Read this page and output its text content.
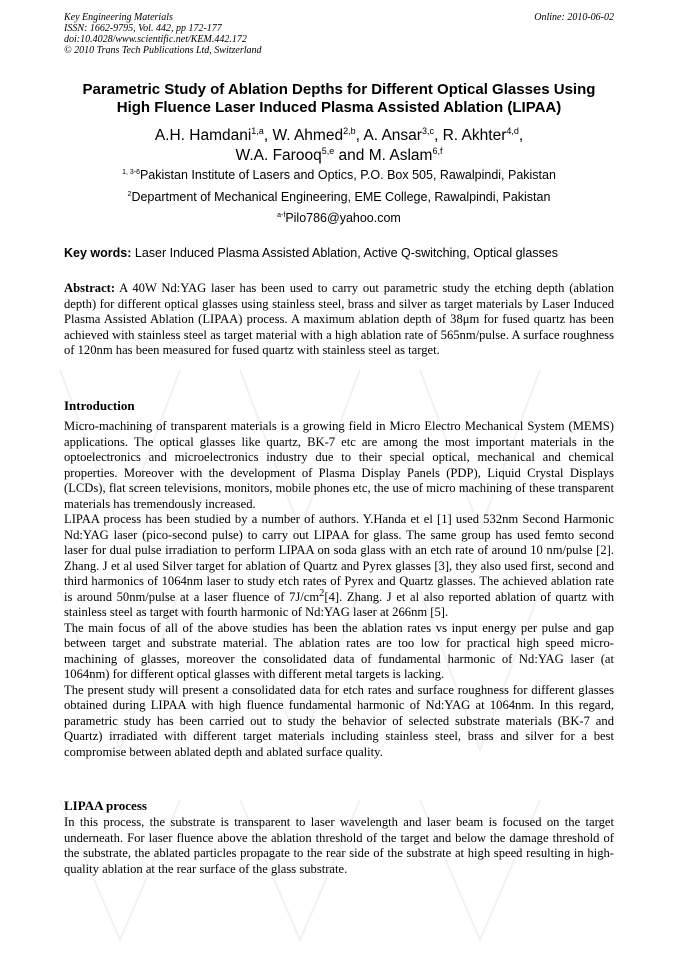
Key Engineering Materials
ISSN: 1662-9795, Vol. 442, pp 172-177
doi:10.4028/www.scientific.net/KEM.442.172
© 2010 Trans Tech Publications Ltd, Switzerland
Online: 2010-06-02
Parametric Study of Ablation Depths for Different Optical Glasses Using
High Fluence Laser Induced Plasma Assisted Ablation (LIPAA)
A.H. Hamdani$^{1,a}$, W. Ahmed$^{2,b}$, A. Ansar$^{3,c}$, R. Akhter$^{4,d}$,
W.A. Farooq$^{5,e}$ and M. Aslam$^{6,f}$
$^{1, 3-6}$Pakistan Institute of Lasers and Optics, P.O. Box 505, Rawalpindi, Pakistan
$^2$Department of Mechanical Engineering, EME College, Rawalpindi, Pakistan
$^{a-f}$Pilo786@yahoo.com
Key words: Laser Induced Plasma Assisted Ablation, Active Q-switching, Optical glasses
Abstract: A 40W Nd:YAG laser has been used to carry out parametric study the etching depth (ablation depth) for different optical glasses using stainless steel, brass and silver as target materials by Laser Induced Plasma Assisted Ablation (LIPAA) process. A maximum ablation depth of 38μm for fused quartz has been achieved with stainless steel as target material with a high ablation rate of 565nm/pulse. A surface roughness of 120nm has been measured for fused quartz with stainless steel as target.
Introduction
Micro-machining of transparent materials is a growing field in Micro Electro Mechanical System (MEMS) applications. The optical glasses like quartz, BK-7 etc are among the most important materials in the optoelectronics and microelectronics industry due to their special optical, mechanical and chemical properties. Moreover with the development of Plasma Display Panels (PDP), Liquid Crystal Displays (LCDs), flat screen televisions, monitors, mobile phones etc, the use of micro machining of these transparent materials has tremendously increased.
LIPAA process has been studied by a number of authors. Y.Handa et el [1] used 532nm Second Harmonic Nd:YAG laser (pico-second pulse) to carry out LIPAA for glass. The same group has used femto second laser for dual pulse irradiation to perform LIPAA on soda glass with an etch rate of around 10 nm/pulse [2]. Zhang. J et al used Silver target for ablation of Quartz and Pyrex glasses [3], they also used first, second and third harmonics of 1064nm laser to study etch rates of Pyrex and Quartz glasses. The achieved ablation rate is around 50nm/pulse at a laser fluence of $7J/cm^2[4]$. Zhang. J et al also reported ablation of quartz with stainless steel as target with fourth harmonic of Nd:YAG laser at 266nm [5].
The main focus of all of the above studies has been the ablation rates vs input energy per pulse and gap between target and substrate material. The ablation rates are too low for practical high speed micro-machining of glasses, moreover the consolidated data of fundamental harmonic of Nd:YAG laser (at 1064nm) for different optical glasses with different metal targets is lacking.
The present study will present a consolidated data for etch rates and surface roughness for different glasses obtained during LIPAA with high fluence fundamental harmonic of Nd:YAG at 1064nm. In this regard, parametric study has been carried out to study the behavior of selected substrate materials (BK-7 and Quartz) irradiated with different target materials including stainless steel, brass and silver for a best compromise between ablated depth and ablated surface quality.
LIPAA process
In this process, the substrate is transparent to laser wavelength and laser beam is focused on the target underneath. For laser fluence above the ablation threshold of the target and below the damage threshold of the substrate, the ablated particles propagate to the rear side of the substrate at high speed resulting in high-quality ablation at the rear surface of the glass substrate.
